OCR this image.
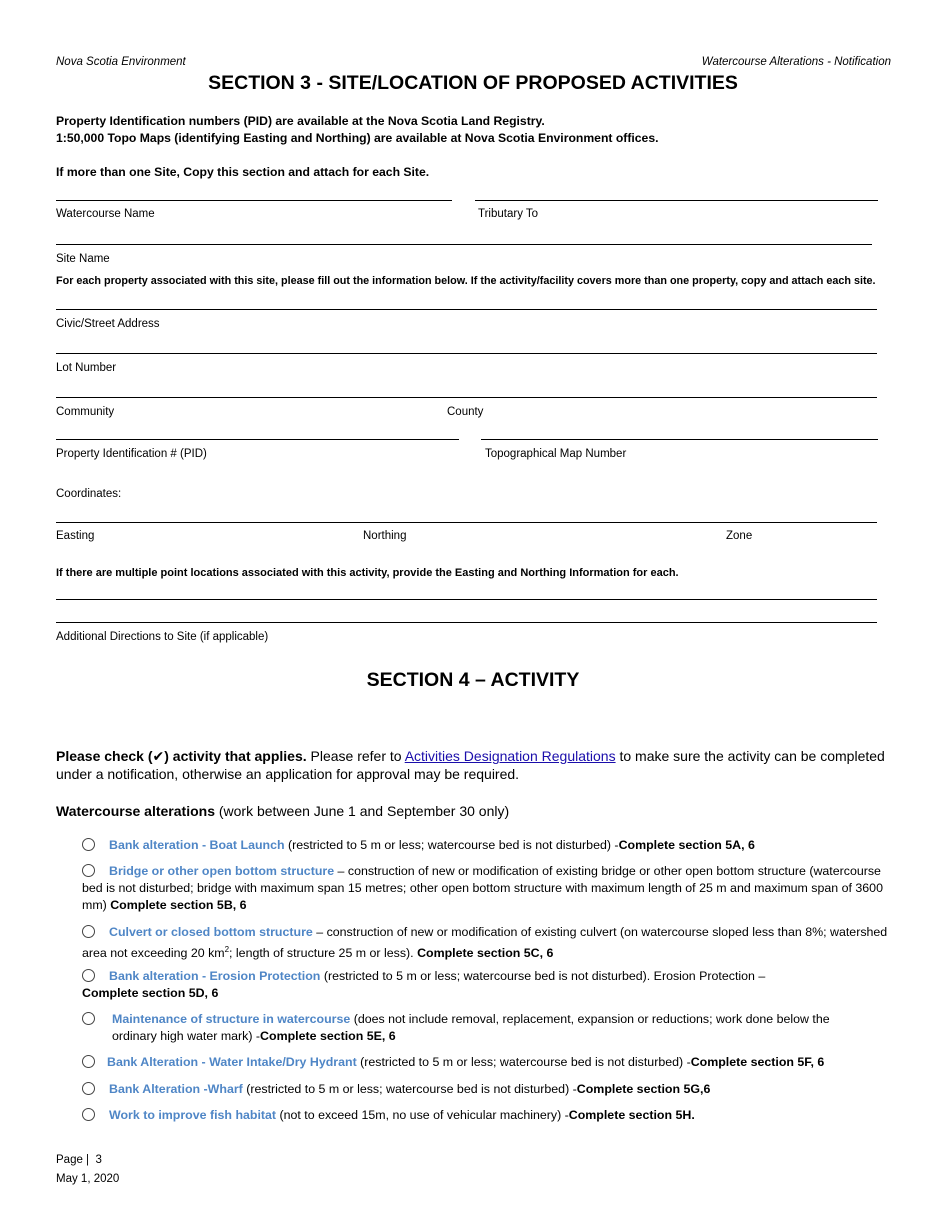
Nova Scotia Environment	Watercourse Alterations - Notification
SECTION 3 - SITE/LOCATION OF PROPOSED ACTIVITIES
Property Identification numbers (PID) are available at the Nova Scotia Land Registry.
1:50,000 Topo Maps (identifying Easting and Northing) are available at Nova Scotia Environment offices.
If more than one Site, Copy this section and attach for each Site.
Watercourse Name	Tributary To
Site Name
For each property associated with this site, please fill out the information below. If the activity/facility covers more than one property, copy and attach each site.
Civic/Street Address
Lot Number
Community	County
Property Identification # (PID)	Topographical Map Number
Coordinates:
Easting	Northing	Zone
If there are multiple point locations associated with this activity, provide the Easting and Northing Information for each.
Additional Directions to Site (if applicable)
SECTION 4 – ACTIVITY
Please check (✔) activity that applies. Please refer to Activities Designation Regulations to make sure the activity can be completed under a notification, otherwise an application for approval may be required.
Watercourse alterations (work between June 1 and September 30 only)
Bank alteration - Boat Launch (restricted to 5 m or less; watercourse bed is not disturbed) -Complete section 5A, 6
Bridge or other open bottom structure – construction of new or modification of existing bridge or other open bottom structure (watercourse bed is not disturbed; bridge with maximum span 15 metres; other open bottom structure with maximum length of 25 m and maximum span of 3600 mm) Complete section 5B, 6
Culvert or closed bottom structure – construction of new or modification of existing culvert (on watercourse sloped less than 8%; watershed area not exceeding 20 $km^2$; length of structure 25 m or less). Complete section 5C, 6
Bank alteration - Erosion Protection (restricted to 5 m or less; watercourse bed is not disturbed). Erosion Protection –
Complete section 5D, 6
Maintenance of structure in watercourse (does not include removal, replacement, expansion or reductions; work done below the ordinary high water mark) -Complete section 5E, 6
Bank Alteration - Water Intake/Dry Hydrant (restricted to 5 m or less; watercourse bed is not disturbed) -Complete section 5F, 6
Bank Alteration -Wharf (restricted to 5 m or less; watercourse bed is not disturbed) -Complete section 5G,6
Work to improve fish habitat (not to exceed 15m, no use of vehicular machinery) -Complete section 5H.
Page | 3
May 1, 2020
